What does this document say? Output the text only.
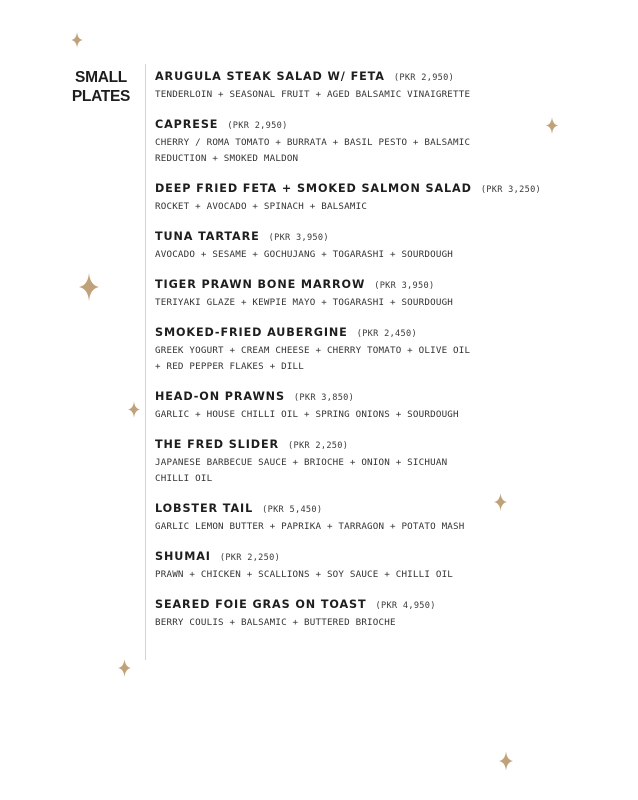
SMALL
PLATES
ARUGULA STEAK SALAD W/ FETA (PKR 2,950)
TENDERLOIN + SEASONAL FRUIT + AGED BALSAMIC VINAIGRETTE
CAPRESE (PKR 2,950)
CHERRY / ROMA TOMATO + BURRATA + BASIL PESTO + BALSAMIC
REDUCTION + SMOKED MALDON
DEEP FRIED FETA + SMOKED SALMON SALAD (PKR 3,250)
ROCKET + AVOCADO + SPINACH + BALSAMIC
TUNA TARTARE (PKR 3,950)
AVOCADO + SESAME + GOCHUJANG + TOGARASHI + SOURDOUGH
TIGER PRAWN BONE MARROW (PKR 3,950)
TERIYAKI GLAZE + KEWPIE MAYO + TOGARASHI + SOURDOUGH
SMOKED-FRIED AUBERGINE (PKR 2,450)
GREEK YOGURT + CREAM CHEESE + CHERRY TOMATO + OLIVE OIL
+ RED PEPPER FLAKES + DILL
HEAD-ON PRAWNS (PKR 3,850)
GARLIC + HOUSE CHILLI OIL + SPRING ONIONS + SOURDOUGH
THE FRED SLIDER (PKR 2,250)
JAPANESE BARBECUE SAUCE + BRIOCHE + ONION + SICHUAN
CHILLI OIL
LOBSTER TAIL (PKR 5,450)
GARLIC LEMON BUTTER + PAPRIKA + TARRAGON + POTATO MASH
SHUMAI (PKR 2,250)
PRAWN + CHICKEN + SCALLIONS + SOY SAUCE + CHILLI OIL
SEARED FOIE GRAS ON TOAST (PKR 4,950)
BERRY COULIS + BALSAMIC + BUTTERED BRIOCHE
